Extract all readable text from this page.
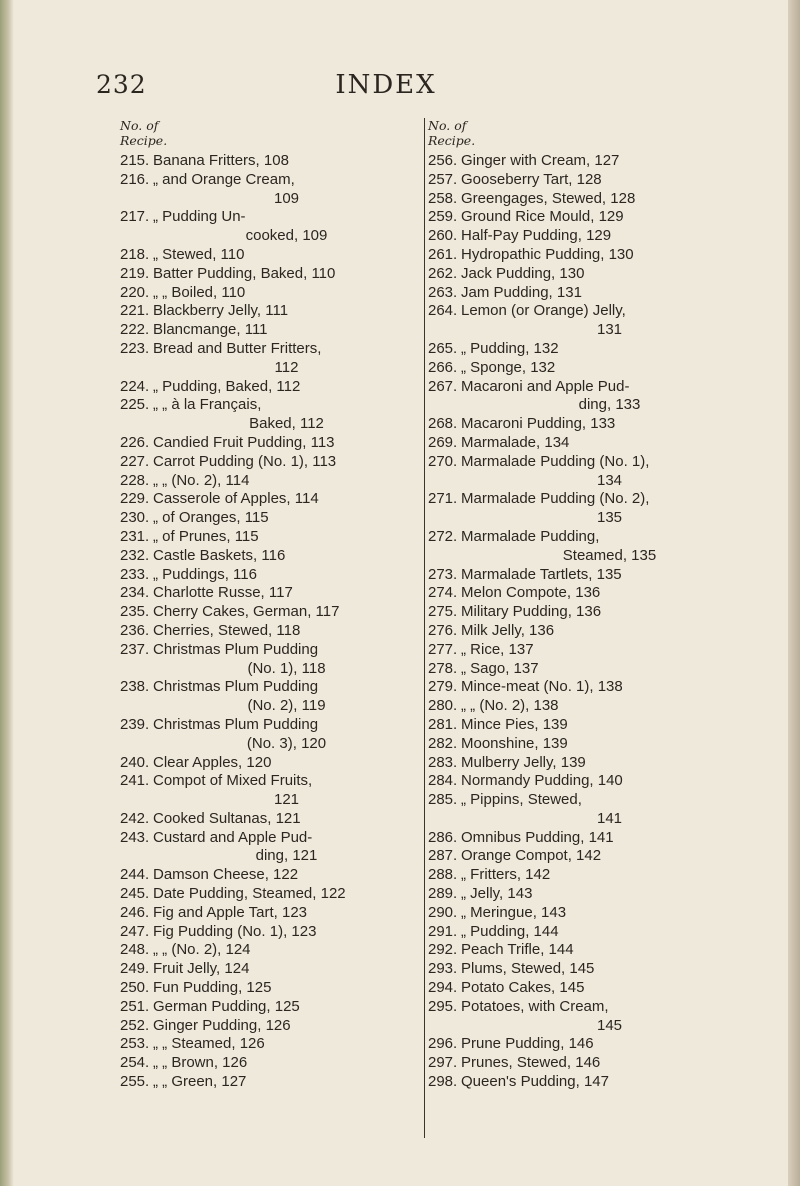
232	INDEX
No. of
Recipe.
215. Banana Fritters, 108
216. „ and Orange Cream,
109
217. „ Pudding Un-
cooked, 109
218. „ Stewed, 110
219. Batter Pudding, Baked, 110
220. „ „ Boiled, 110
221. Blackberry Jelly, 111
222. Blancmange, 111
223. Bread and Butter Fritters,
112
224. „ Pudding, Baked, 112
225. „ „ à la Français,
Baked, 112
226. Candied Fruit Pudding, 113
227. Carrot Pudding (No. 1), 113
228. „ „ (No. 2), 114
229. Casserole of Apples, 114
230. „ of Oranges, 115
231. „ of Prunes, 115
232. Castle Baskets, 116
233. „ Puddings, 116
234. Charlotte Russe, 117
235. Cherry Cakes, German, 117
236. Cherries, Stewed, 118
237. Christmas Plum Pudding
(No. 1), 118
238. Christmas Plum Pudding
(No. 2), 119
239. Christmas Plum Pudding
(No. 3), 120
240. Clear Apples, 120
241. Compot of Mixed Fruits,
121
242. Cooked Sultanas, 121
243. Custard and Apple Pud-
ding, 121
244. Damson Cheese, 122
245. Date Pudding, Steamed, 122
246. Fig and Apple Tart, 123
247. Fig Pudding (No. 1), 123
248. „ „ (No. 2), 124
249. Fruit Jelly, 124
250. Fun Pudding, 125
251. German Pudding, 125
252. Ginger Pudding, 126
253. „ „ Steamed, 126
254. „ „ Brown, 126
255. „ „ Green, 127
No. of
Recipe.
256. Ginger with Cream, 127
257. Gooseberry Tart, 128
258. Greengages, Stewed, 128
259. Ground Rice Mould, 129
260. Half-Pay Pudding, 129
261. Hydropathic Pudding, 130
262. Jack Pudding, 130
263. Jam Pudding, 131
264. Lemon (or Orange) Jelly,
131
265. „ Pudding, 132
266. „ Sponge, 132
267. Macaroni and Apple Pud-
ding, 133
268. Macaroni Pudding, 133
269. Marmalade, 134
270. Marmalade Pudding (No. 1),
134
271. Marmalade Pudding (No. 2),
135
272. Marmalade Pudding,
Steamed, 135
273. Marmalade Tartlets, 135
274. Melon Compote, 136
275. Military Pudding, 136
276. Milk Jelly, 136
277. „ Rice, 137
278. „ Sago, 137
279. Mince-meat (No. 1), 138
280. „ „ (No. 2), 138
281. Mince Pies, 139
282. Moonshine, 139
283. Mulberry Jelly, 139
284. Normandy Pudding, 140
285. „ Pippins, Stewed,
141
286. Omnibus Pudding, 141
287. Orange Compot, 142
288. „ Fritters, 142
289. „ Jelly, 143
290. „ Meringue, 143
291. „ Pudding, 144
292. Peach Trifle, 144
293. Plums, Stewed, 145
294. Potato Cakes, 145
295. Potatoes, with Cream,
145
296. Prune Pudding, 146
297. Prunes, Stewed, 146
298. Queen's Pudding, 147
